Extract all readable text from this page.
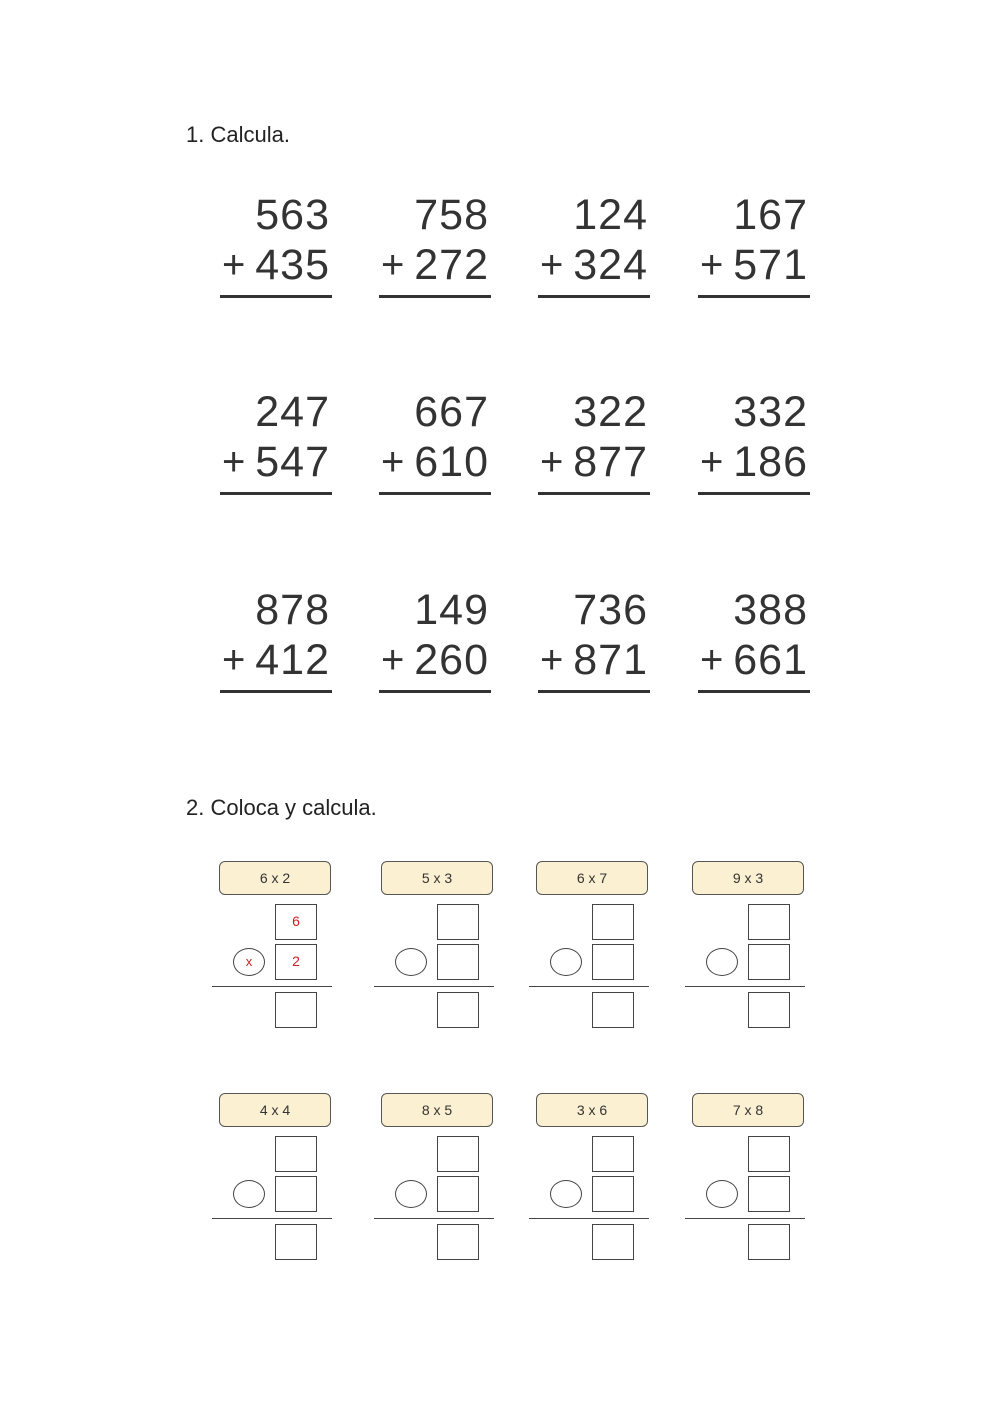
1. Calcula.
563
+ 435
758
+ 272
124
+ 324
167
+ 571
247
+ 547
667
+ 610
322
+ 877
332
+ 186
878
+ 412
149
+ 260
736
+ 871
388
+ 661
2. Coloca y calcula.
6 x 2
6
x	2
5 x 3	6 x 7	9 x 3
4 x 4	8 x 5	3 x 6	7 x 8
